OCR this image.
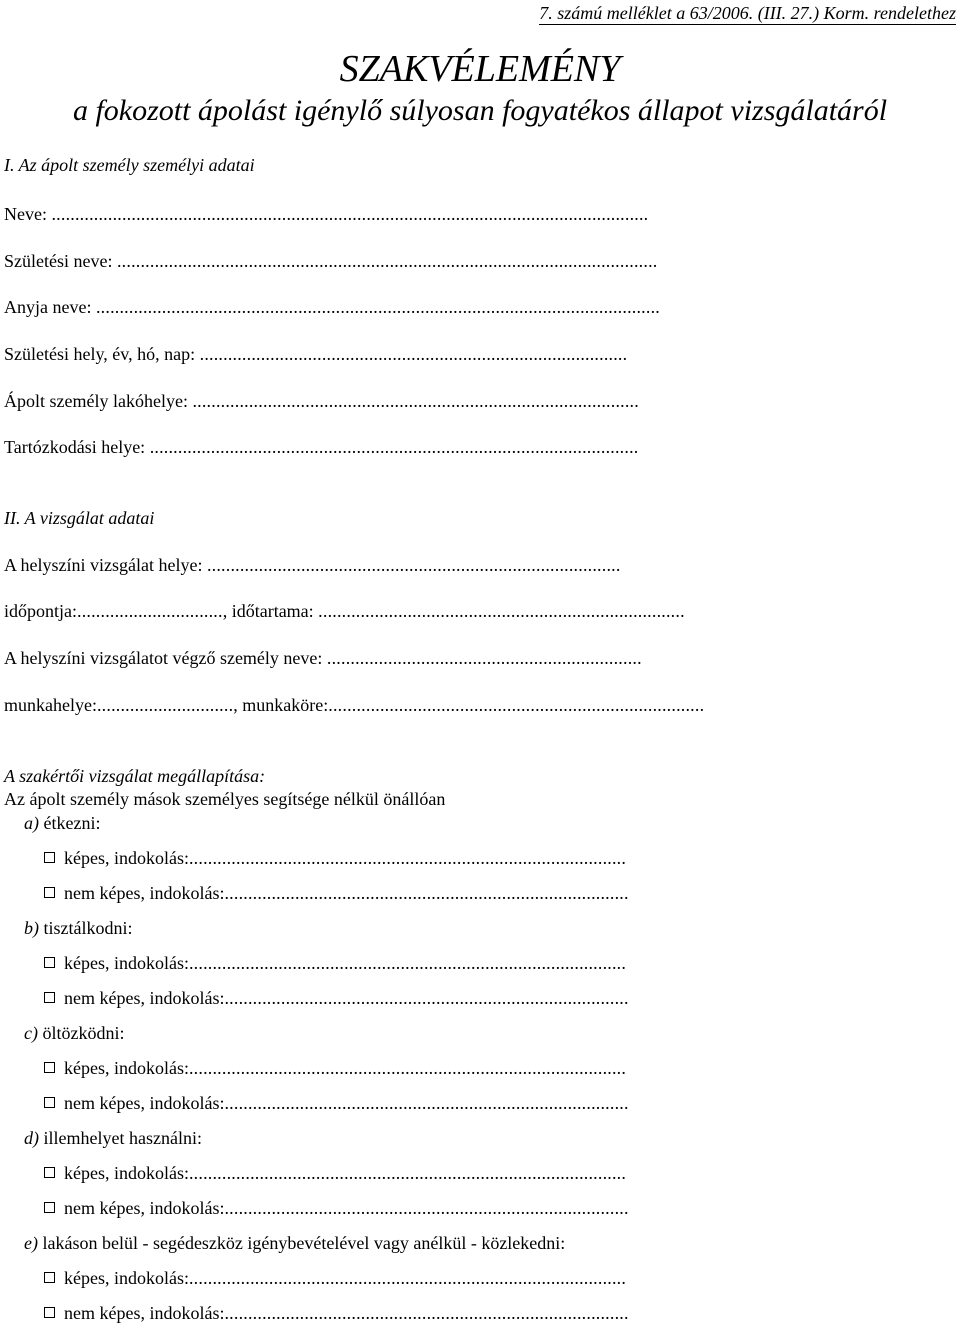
7. számú melléklet a 63/2006. (III. 27.) Korm. rendelethez
SZAKVÉLEMÉNY
a fokozott ápolást igénylő súlyosan fogyatékos állapot vizsgálatáról
I. Az ápolt személy személyi adatai
Neve: ...............................................................................................................................
Születési neve: ...................................................................................................................
Anyja neve: ........................................................................................................................
Születési hely, év, hó, nap: ...........................................................................................
Ápolt személy lakóhelye: ...............................................................................................
Tartózkodási helye: ........................................................................................................
II. A vizsgálat adatai
A helyszíni vizsgálat helye: ........................................................................................
időpontja:..............................., időtartama: ..............................................................................
A helyszíni vizsgálatot végző személy neve: ...................................................................
munkahelye:............................., munkaköre:................................................................................
A szakértői vizsgálat megállapítása:
Az ápolt személy mások személyes segítsége nélkül önállóan
a) étkezni:
képes, indokolás:.............................................................................................
nem képes, indokolás:......................................................................................
b) tisztálkodni:
képes, indokolás:.............................................................................................
nem képes, indokolás:......................................................................................
c) öltözködni:
képes, indokolás:.............................................................................................
nem képes, indokolás:......................................................................................
d) illemhelyet használni:
képes, indokolás:.............................................................................................
nem képes, indokolás:......................................................................................
e) lakáson belül - segédeszköz igénybevételével vagy anélkül - közlekedni:
képes, indokolás:.............................................................................................
nem képes, indokolás:......................................................................................
